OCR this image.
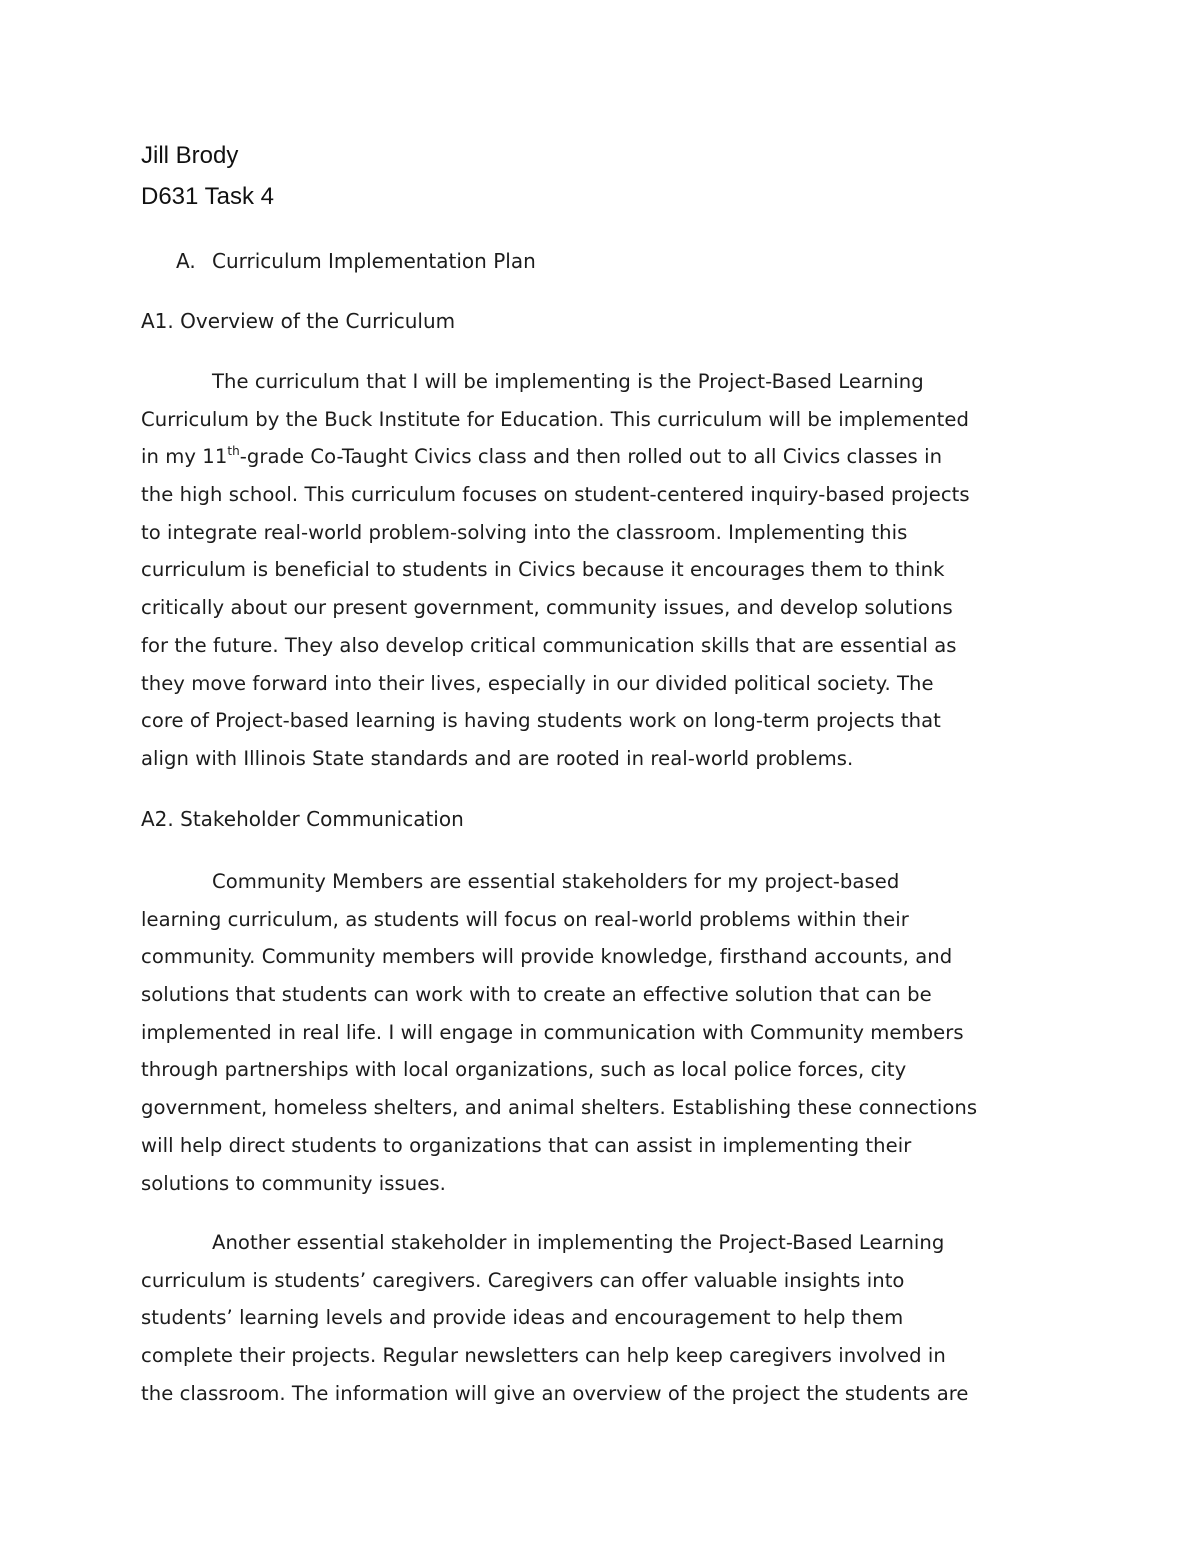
Jill Brody
D631 Task 4
A. Curriculum Implementation Plan
A1. Overview of the Curriculum
The curriculum that I will be implementing is the Project-Based Learning
Curriculum by the Buck Institute for Education. This curriculum will be implemented
in my 11th-grade Co-Taught Civics class and then rolled out to all Civics classes in
the high school. This curriculum focuses on student-centered inquiry-based projects
to integrate real-world problem-solving into the classroom. Implementing this
curriculum is beneficial to students in Civics because it encourages them to think
critically about our present government, community issues, and develop solutions
for the future. They also develop critical communication skills that are essential as
they move forward into their lives, especially in our divided political society. The
core of Project-based learning is having students work on long-term projects that
align with Illinois State standards and are rooted in real-world problems.
A2. Stakeholder Communication
Community Members are essential stakeholders for my project-based
learning curriculum, as students will focus on real-world problems within their
community. Community members will provide knowledge, firsthand accounts, and
solutions that students can work with to create an effective solution that can be
implemented in real life. I will engage in communication with Community members
through partnerships with local organizations, such as local police forces, city
government, homeless shelters, and animal shelters. Establishing these connections
will help direct students to organizations that can assist in implementing their
solutions to community issues.
Another essential stakeholder in implementing the Project-Based Learning
curriculum is students’ caregivers. Caregivers can offer valuable insights into
students’ learning levels and provide ideas and encouragement to help them
complete their projects. Regular newsletters can help keep caregivers involved in
the classroom. The information will give an overview of the project the students are
